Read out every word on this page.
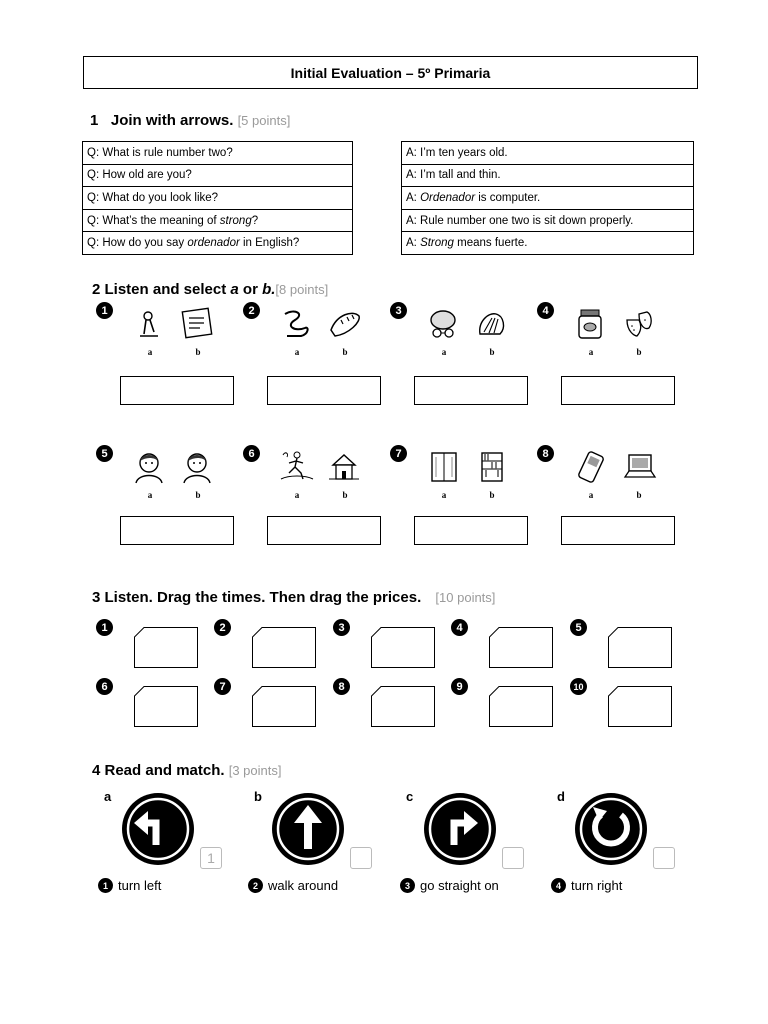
Initial Evaluation – 5º Primaria
1 Join with arrows. [5 points]
Q: What is rule number two?
Q: How old are you?
Q: What do you look like?
Q: What’s the meaning of strong?
Q: How do you say ordenador in English?
A: I’m ten years old.
A: I’m tall and thin.
A: Ordenador is computer.
A: Rule number one two is sit down properly.
A: Strong means fuerte.
2 Listen and select a or b.[8 points]
1
a	b
2
a	b
3
a	b
4
a	b
5
a	b
6
a	b
7
a	b
8
a	b
3 Listen. Drag the times. Then drag the prices. [10 points]
1	2	3	4	5
6	7	8	9	10
4 Read and match. [3 points]
a
1
b	c	d
1 turn left	2 walk around	3 go straight on	4 turn right
